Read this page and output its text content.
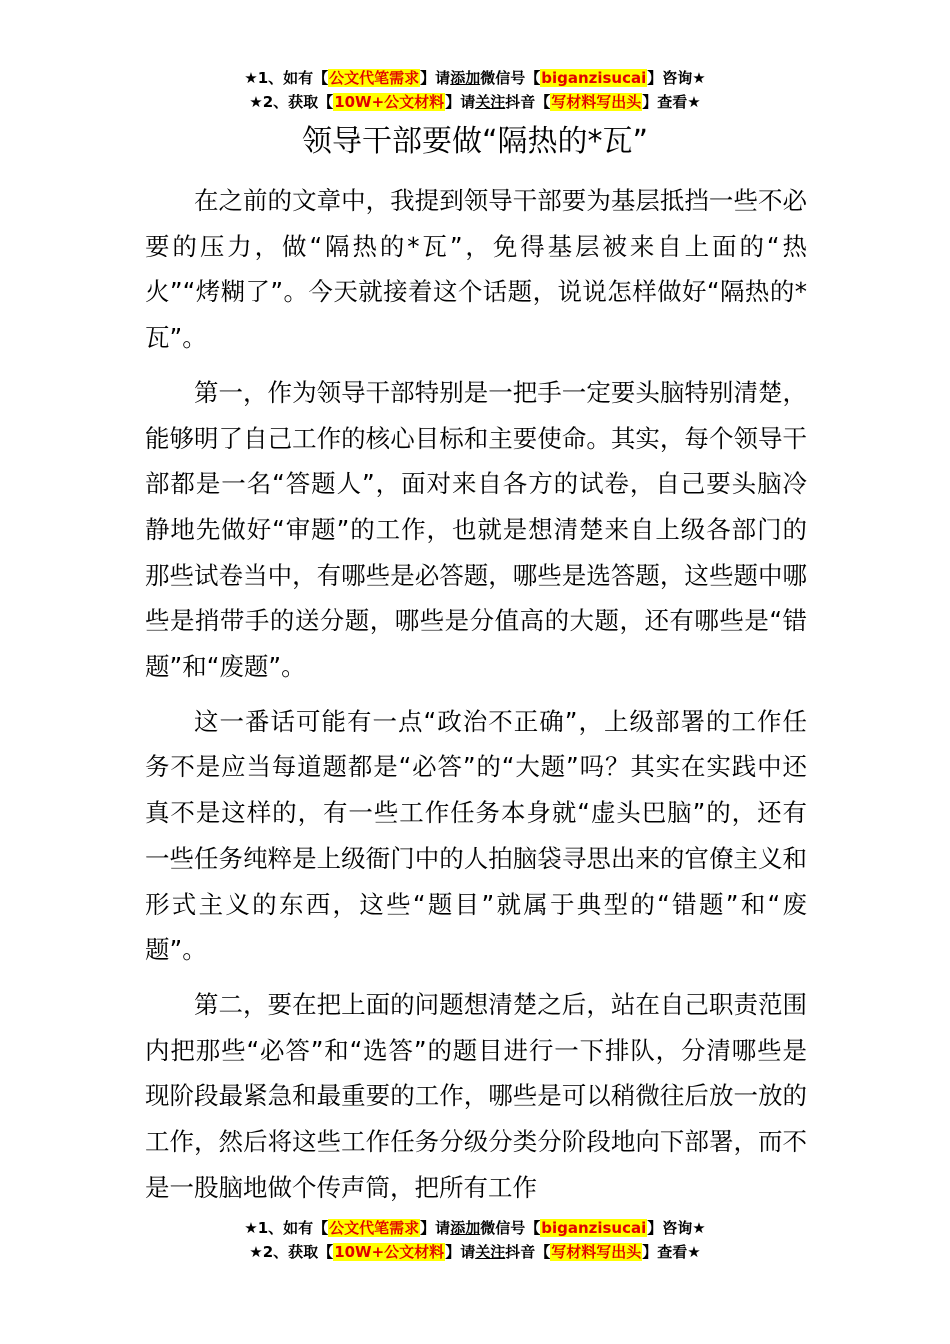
★1、如有【公文代笔需求】请添加微信号【biganzisucai】咨询★
★2、获取【10W+公文材料】请关注抖音【写材料写出头】查看★
领导干部要做“隔热的*瓦”

在之前的文章中，我提到领导干部要为基层抵挡一些不必要的压力，做“隔热的*瓦”，免得基层被来自上面的“热火”“烤糊了”。今天就接着这个话题，说说怎样做好“隔热的*瓦”。

第一，作为领导干部特别是一把手一定要头脑特别清楚，能够明了自己工作的核心目标和主要使命。其实，每个领导干部都是一名“答题人”，面对来自各方的试卷，自己要头脑冷静地先做好“审题”的工作，也就是想清楚来自上级各部门的那些试卷当中，有哪些是必答题，哪些是选答题，这些题中哪些是捎带手的送分题，哪些是分值高的大题，还有哪些是“错题”和“废题”。

这一番话可能有一点“政治不正确”，上级部署的工作任务不是应当每道题都是“必答”的“大题”吗？其实在实践中还真不是这样的，有一些工作任务本身就“虚头巴脑”的，还有一些任务纯粹是上级衙门中的人拍脑袋寻思出来的官僚主义和形式主义的东西，这些“题目”就属于典型的“错题”和“废题”。

第二，要在把上面的问题想清楚之后，站在自己职责范围内把那些“必答”和“选答”的题目进行一下排队，分清哪些是现阶段最紧急和最重要的工作，哪些是可以稍微往后放一放的工作，然后将这些工作任务分级分类分阶段地向下部署，而不是一股脑地做个传声筒，把所有工作

★1、如有【公文代笔需求】请添加微信号【biganzisucai】咨询★
★2、获取【10W+公文材料】请关注抖音【写材料写出头】查看★
